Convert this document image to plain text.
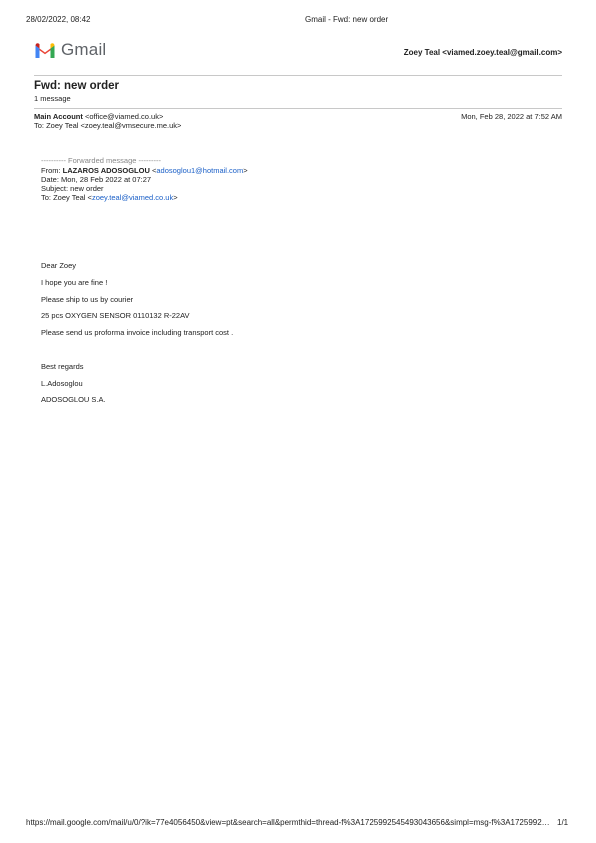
28/02/2022, 08:42	Gmail - Fwd: new order
Gmail	Zoey Teal <viamed.zoey.teal@gmail.com>
Fwd: new order
1 message
Main Account <office@viamed.co.uk>	Mon, Feb 28, 2022 at 7:52 AM
To: Zoey Teal <zoey.teal@vmsecure.me.uk>
---------- Forwarded message ---------
From: LAZAROS ADOSOGLOU <adosoglou1@hotmail.com>
Date: Mon, 28 Feb 2022 at 07:27
Subject: new order
To: Zoey Teal <zoey.teal@viamed.co.uk>
Dear Zoey
I hope you are fine !
Please ship to us by courier
25 pcs OXYGEN SENSOR 0110132 R-22AV
Please send us proforma invoice including transport cost .
Best regards
L.Adosoglou
ADOSOGLOU S.A.
https://mail.google.com/mail/u/0/?ik=77e4056450&view=pt&search=all&permthid=thread-f%3A1725992545493043656&simpl=msg-f%3A1725992… 1/1
